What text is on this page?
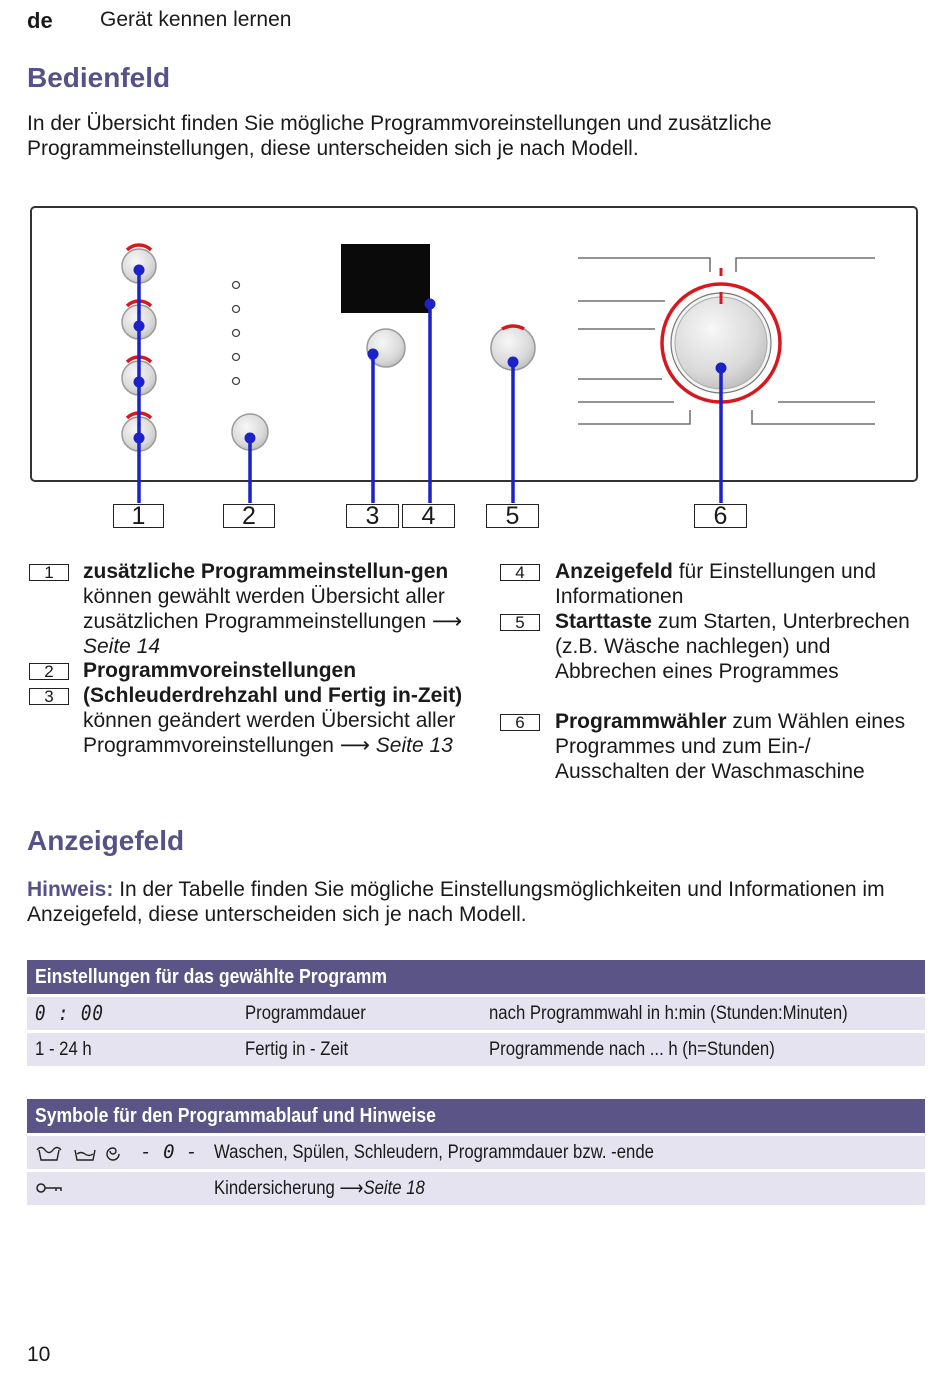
de Gerät kennen lernen
Bedienfeld
In der Übersicht finden Sie mögliche Programmvoreinstellungen und zusätzliche Programmeinstellungen, diese unterscheiden sich je nach Modell.
1	2	3	4	5	6
1	zusätzliche Programmeinstellun-gen können gewählt werden Übersicht aller zusätzlichen Programmeinstellungen ⟶ Seite 14
2	Programmvoreinstellungen
3	(Schleuderdrehzahl und Fertig in-Zeit) können geändert werden Übersicht aller Programmvoreinstellungen ⟶ Seite 13
4	Anzeigefeld für Einstellungen und Informationen
5	Starttaste zum Starten, Unterbrechen (z.B. Wäsche nachlegen) und Abbrechen eines Programmes
6	Programmwähler zum Wählen eines Programmes und zum Ein-/ Ausschalten der Waschmaschine
Anzeigefeld
Hinweis: In der Tabelle finden Sie mögliche Einstellungsmöglichkeiten und Informationen im Anzeigefeld, diese unterscheiden sich je nach Modell.
Einstellungen für das gewählte Programm		

0 : 00	Programmdauer	nach Programmwahl in h:min (Stunden:Minuten)

1 - 24 h	Fertig in - Zeit	Programmende nach ... h (h=Stunden)
Symbole für den Programmablauf und Hinweise	

- 0 -	Waschen, Spülen, Schleudern, Programmdauer bzw. -ende

	Kindersicherung ⟶Seite 18
10
